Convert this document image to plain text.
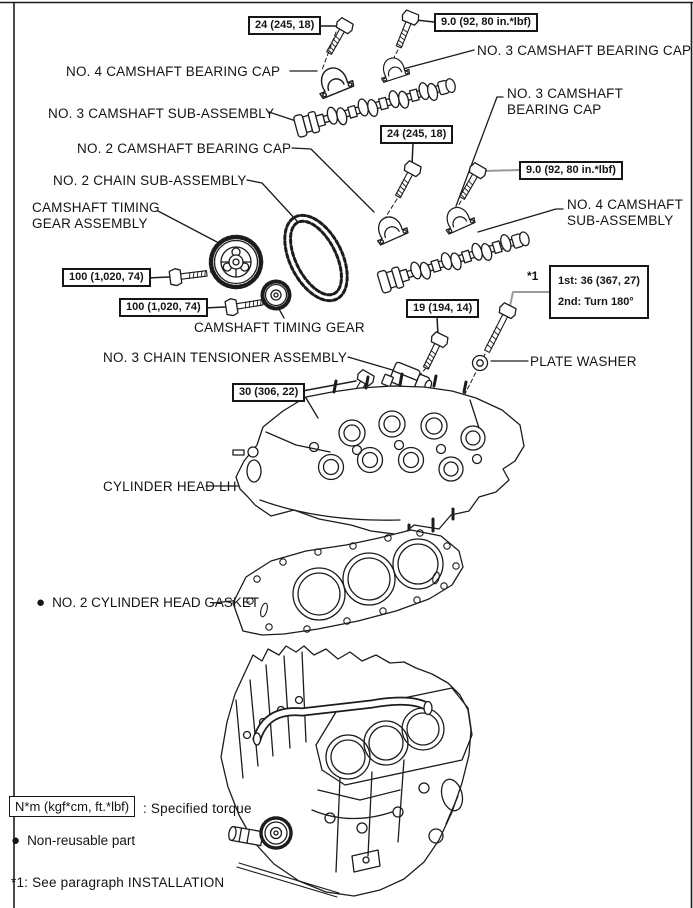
NO. 4 CAMSHAFT BEARING CAP
NO. 3 CAMSHAFT BEARING CAP
NO. 3 CAMSHAFT SUB-ASSEMBLY
NO. 3 CAMSHAFT
BEARING CAP
NO. 2 CAMSHAFT BEARING CAP
NO. 2 CHAIN SUB-ASSEMBLY
CAMSHAFT TIMING
GEAR ASSEMBLY
NO. 4 CAMSHAFT
SUB-ASSEMBLY
CAMSHAFT TIMING GEAR
NO. 3 CHAIN TENSIONER ASSEMBLY	PLATE WASHER
CYLINDER HEAD LH
● NO. 2 CYLINDER HEAD GASKET
24 (245, 18)	9.0 (92, 80 in.*lbf)
24 (245, 18)
9.0 (92, 80 in.*lbf)
100 (1,020, 74)
100 (1,020, 74)	19 (194, 14)
30 (306, 22)
*1 1st: 36 (367, 27)
2nd: Turn 180°
N*m (kgf*cm, ft.*lbf)	: Specified torque
● Non-reusable part
*1: See paragraph INSTALLATION
